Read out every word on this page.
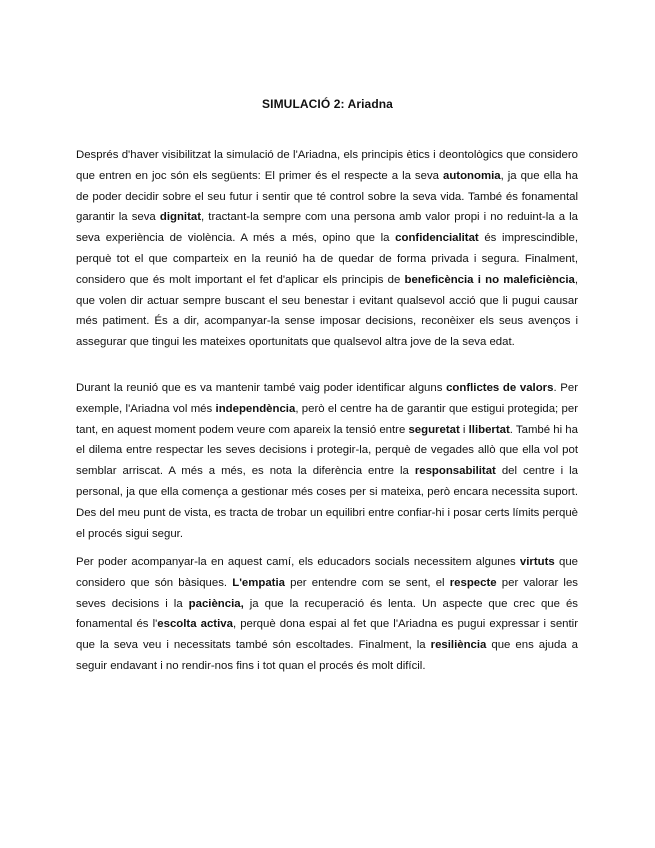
SIMULACIÓ 2: Ariadna

Després d'haver visibilitzat la simulació de l'Ariadna, els principis ètics i deontològics que considero que entren en joc són els següents: El primer és el respecte a la seva autonomia, ja que ella ha de poder decidir sobre el seu futur i sentir que té control sobre la seva vida. També és fonamental garantir la seva dignitat, tractant-la sempre com una persona amb valor propi i no reduint-la a la seva experiència de violència. A més a més, opino que la confidencialitat és imprescindible, perquè tot el que comparteix en la reunió ha de quedar de forma privada i segura. Finalment, considero que és molt important el fet d'aplicar els principis de beneficència i no maleficiència, que volen dir actuar sempre buscant el seu benestar i evitant qualsevol acció que li pugui causar més patiment. És a dir, acompanyar-la sense imposar decisions, reconèixer els seus avenços i assegurar que tingui les mateixes oportunitats que qualsevol altra jove de la seva edat.

Durant la reunió que es va mantenir també vaig poder identificar alguns conflictes de valors. Per exemple, l'Ariadna vol més independència, però el centre ha de garantir que estigui protegida; per tant, en aquest moment podem veure com apareix la tensió entre seguretat i llibertat. També hi ha el dilema entre respectar les seves decisions i protegir-la, perquè de vegades allò que ella vol pot semblar arriscat. A més a més, es nota la diferència entre la responsabilitat del centre i la personal, ja que ella comença a gestionar més coses per si mateixa, però encara necessita suport. Des del meu punt de vista, es tracta de trobar un equilibri entre confiar-hi i posar certs límits perquè el procés sigui segur.

Per poder acompanyar-la en aquest camí, els educadors socials necessitem algunes virtuts que considero que són bàsiques. L'empatia per entendre com se sent, el respecte per valorar les seves decisions i la paciència, ja que la recuperació és lenta. Un aspecte que crec que és fonamental és l'escolta activa, perquè dona espai al fet que l'Ariadna es pugui expressar i sentir que la seva veu i necessitats també són escoltades. Finalment, la resiliència que ens ajuda a seguir endavant i no rendir-nos fins i tot quan el procés és molt difícil.
